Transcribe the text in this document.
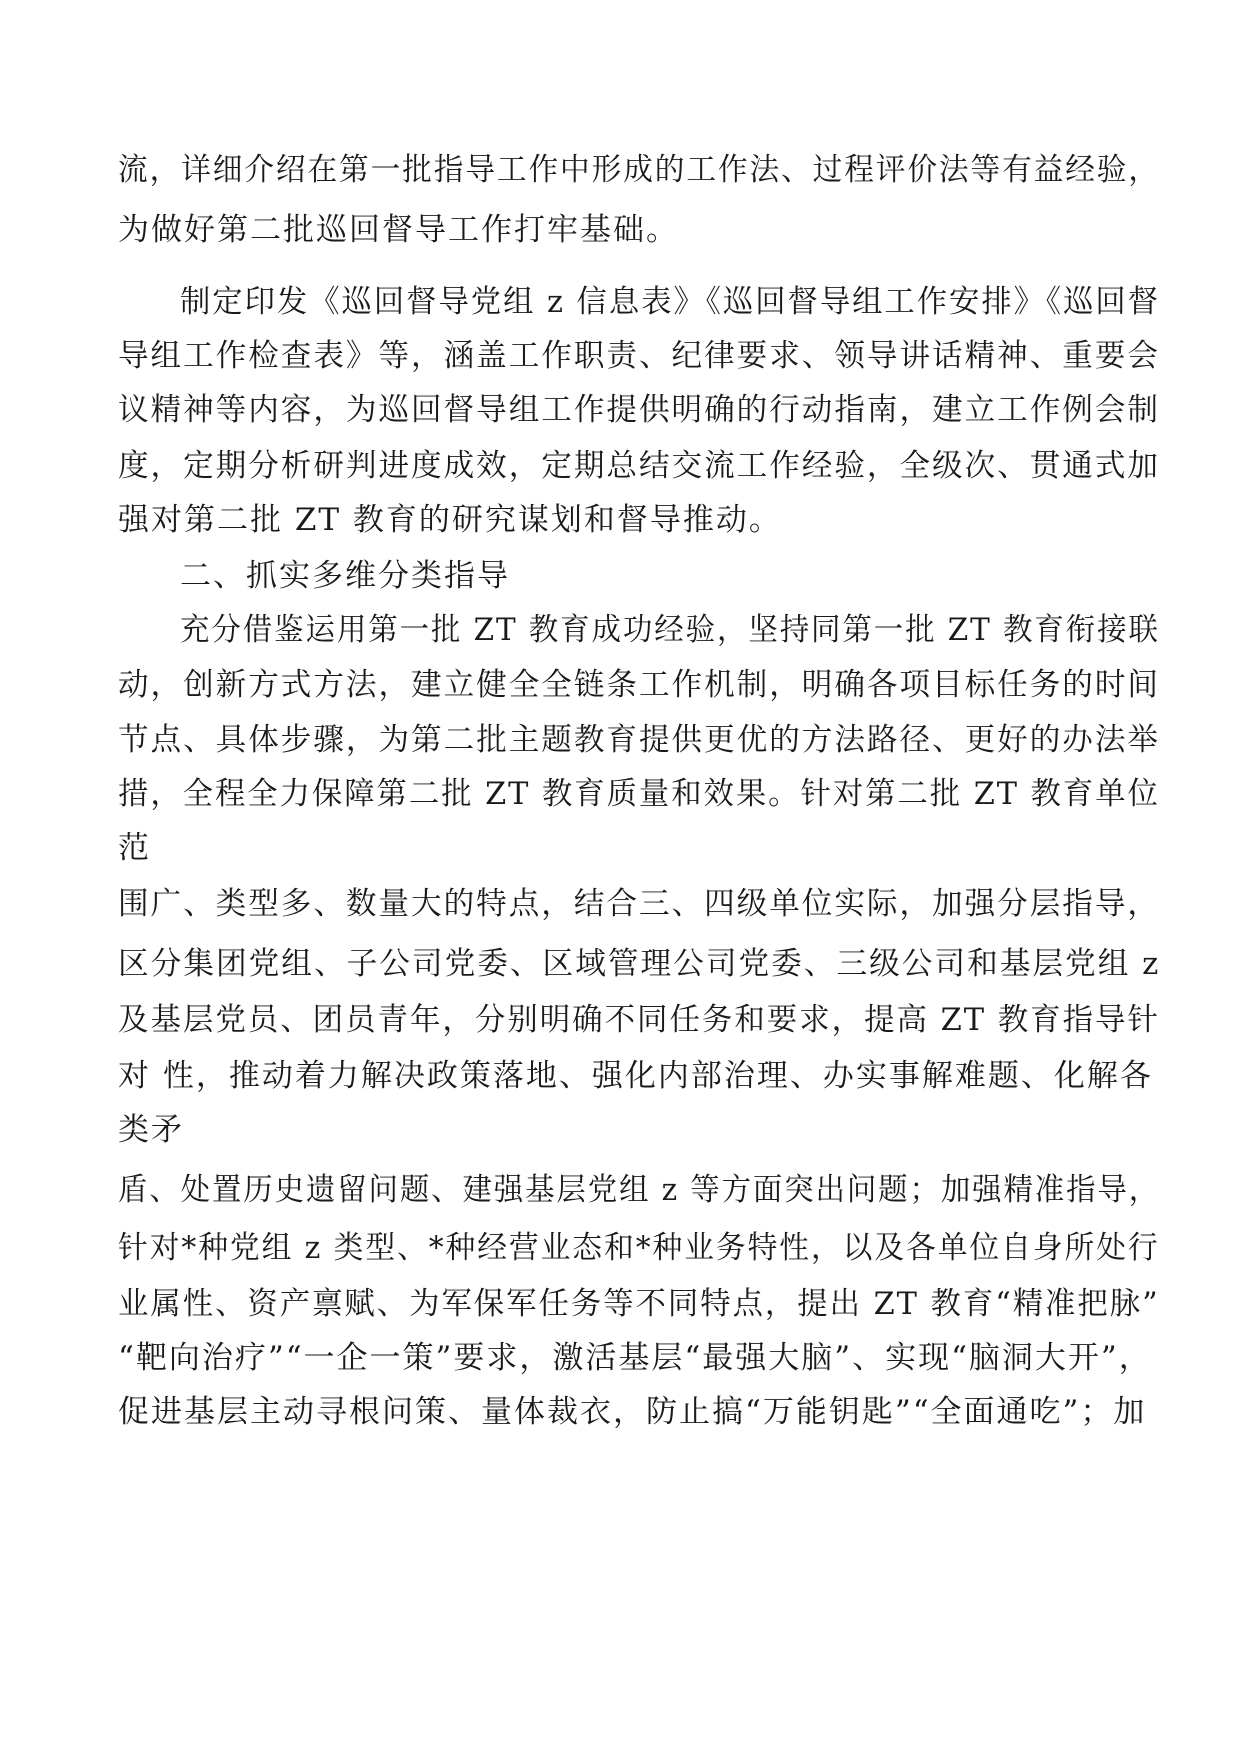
流，详细介绍在第一批指导工作中形成的工作法、过程评价法等有益经验，
为做好第二批巡回督导工作打牢基础。
制定印发《巡回督导党组 z 信息表》《巡回督导组工作安排》《巡回督
导组工作检查表》等，涵盖工作职责、纪律要求、领导讲话精神、重要会
议精神等内容，为巡回督导组工作提供明确的行动指南，建立工作例会制
度，定期分析研判进度成效，定期总结交流工作经验，全级次、贯通式加
强对第二批 ZT 教育的研究谋划和督导推动。
二、抓实多维分类指导
充分借鉴运用第一批 ZT 教育成功经验，坚持同第一批 ZT 教育衔接联
动，创新方式方法，建立健全全链条工作机制，明确各项目标任务的时间
节点、具体步骤，为第二批主题教育提供更优的方法路径、更好的办法举
措，全程全力保障第二批 ZT 教育质量和效果。针对第二批 ZT 教育单位
范
围广、类型多、数量大的特点，结合三、四级单位实际，加强分层指导，
区分集团党组、子公司党委、区域管理公司党委、三级公司和基层党组 z
及基层党员、团员青年，分别明确不同任务和要求，提高 ZT 教育指导针
对 性，推动着力解决政策落地、强化内部治理、办实事解难题、化解各
类矛
盾、处置历史遗留问题、建强基层党组 z 等方面突出问题；加强精准指导，
针对*种党组 z 类型、*种经营业态和*种业务特性，以及各单位自身所处行
业属性、资产禀赋、为军保军任务等不同特点，提出 ZT 教育“精准把脉”
“靶向治疗”“一企一策”要求，激活基层“最强大脑”、实现“脑洞大开”，
促进基层主动寻根问策、量体裁衣，防止搞“万能钥匙”“全面通吃”；加
